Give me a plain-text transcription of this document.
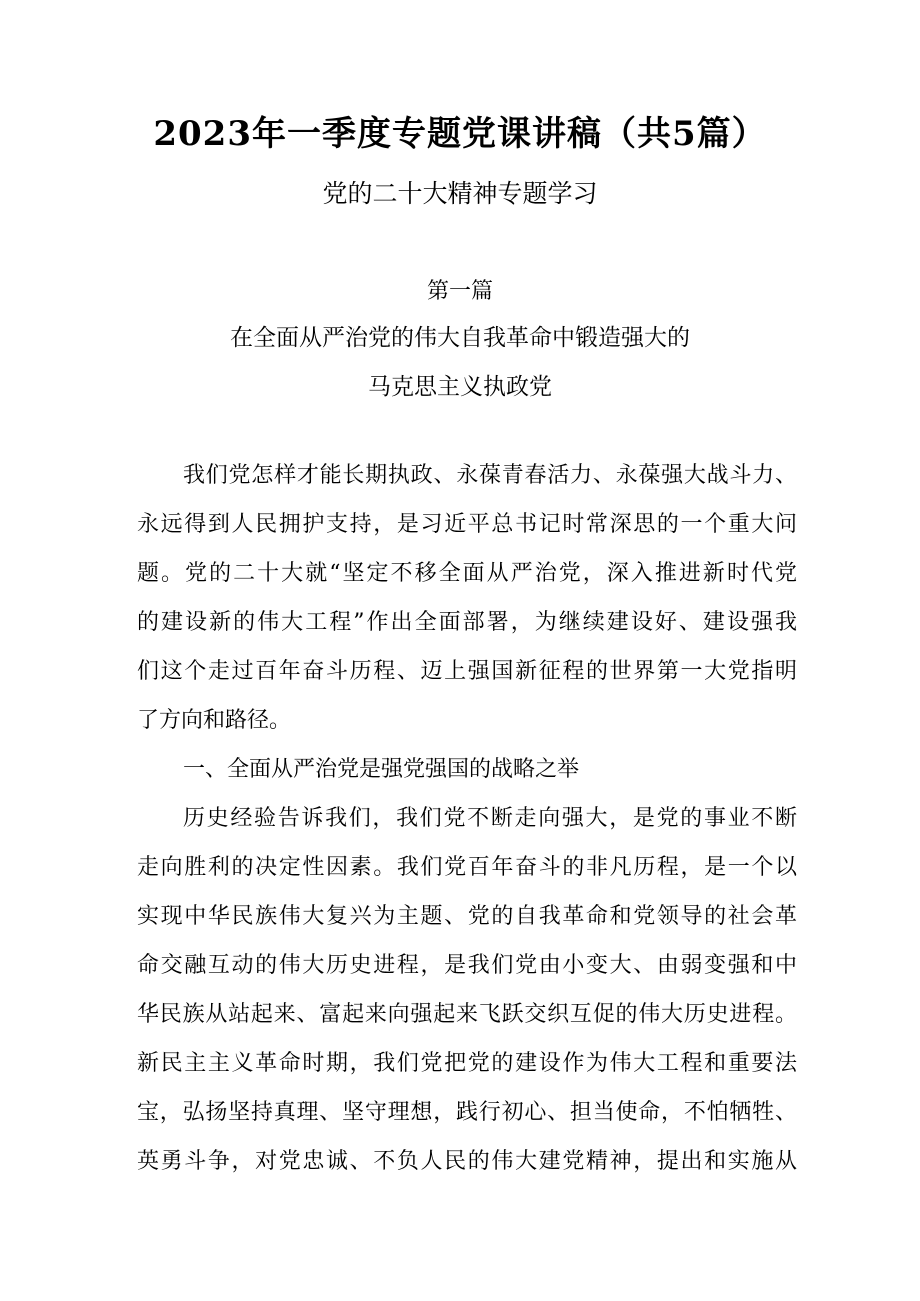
2023年一季度专题党课讲稿（共5篇）
党的二十大精神专题学习
第一篇
在全面从严治党的伟大自我革命中锻造强大的
马克思主义执政党
我们党怎样才能长期执政、永葆青春活力、永葆强大战斗力、
永远得到人民拥护支持，是习近平总书记时常深思的一个重大问
题。党的二十大就“坚定不移全面从严治党，深入推进新时代党
的建设新的伟大工程”作出全面部署，为继续建设好、建设强我
们这个走过百年奋斗历程、迈上强国新征程的世界第一大党指明
了方向和路径。
一、全面从严治党是强党强国的战略之举
历史经验告诉我们，我们党不断走向强大，是党的事业不断
走向胜利的决定性因素。我们党百年奋斗的非凡历程，是一个以
实现中华民族伟大复兴为主题、党的自我革命和党领导的社会革
命交融互动的伟大历史进程，是我们党由小变大、由弱变强和中
华民族从站起来、富起来向强起来飞跃交织互促的伟大历史进程。
新民主主义革命时期，我们党把党的建设作为伟大工程和重要法
宝，弘扬坚持真理、坚守理想，践行初心、担当使命，不怕牺牲、
英勇斗争，对党忠诚、不负人民的伟大建党精神，提出和实施从
